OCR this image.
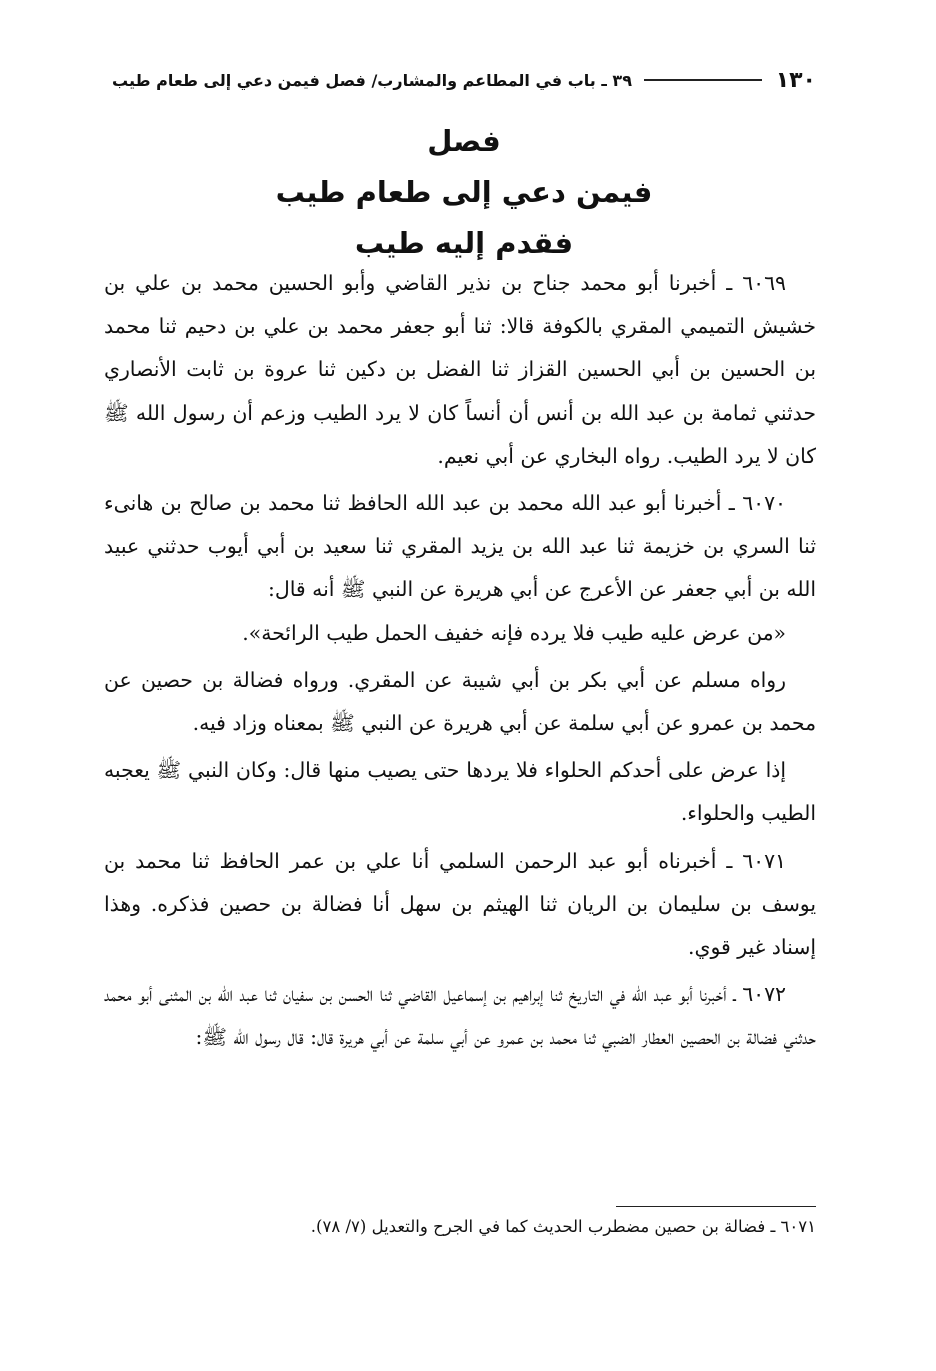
١٣٠
٣٩ ـ باب في المطاعم والمشارب/ فصل فيمن دعي إلى طعام طيب
فصل
فيمن دعي إلى طعام طيب
فقدم إليه طيب

٦٠٦٩ ـ أخبرنا أبو محمد جناح بن نذير القاضي وأبو الحسين محمد بن علي بن خشيش التميمي المقري بالكوفة قالا: ثنا أبو جعفر محمد بن علي بن دحيم ثنا محمد بن الحسين بن أبي الحسين القزاز ثنا الفضل بن دكين ثنا عروة بن ثابت الأنصاري حدثني ثمامة بن عبد الله بن أنس أن أنساً كان لا يرد الطيب وزعم أن رسول الله ﷺ كان لا يرد الطيب. رواه البخاري عن أبي نعيم.

٦٠٧٠ ـ أخبرنا أبو عبد الله محمد بن عبد الله الحافظ ثنا محمد بن صالح بن هانىء ثنا السري بن خزيمة ثنا عبد الله بن يزيد المقري ثنا سعيد بن أبي أيوب حدثني عبيد الله بن أبي جعفر عن الأعرج عن أبي هريرة عن النبي ﷺ أنه قال:

«من عرض عليه طيب فلا يرده فإنه خفيف الحمل طيب الرائحة».

رواه مسلم عن أبي بكر بن أبي شيبة عن المقري. ورواه فضالة بن حصين عن محمد بن عمرو عن أبي سلمة عن أبي هريرة عن النبي ﷺ بمعناه وزاد فيه.

إذا عرض على أحدكم الحلواء فلا يردها حتى يصيب منها قال: وكان النبي ﷺ يعجبه الطيب والحلواء.

٦٠٧١ ـ أخبرناه أبو عبد الرحمن السلمي أنا علي بن عمر الحافظ ثنا محمد بن يوسف بن سليمان بن الريان ثنا الهيثم بن سهل أنا فضالة بن حصين فذكره. وهذا إسناد غير قوي.

٦٠٧٢ ـ أخبرنا أبو عبد الله في التاريخ ثنا إبراهيم بن إسماعيل القاضي ثنا الحسن بن سفيان ثنا عبد الله بن المثنى أبو محمد حدثني فضالة بن الحصين العطار الضبي ثنا محمد بن عمرو عن أبي سلمة عن أبي هريرة قال: قال رسول الله ﷺ:

٦٠٧١ ـ فضالة بن حصين مضطرب الحديث كما في الجرح والتعديل (٧/ ٧٨).
